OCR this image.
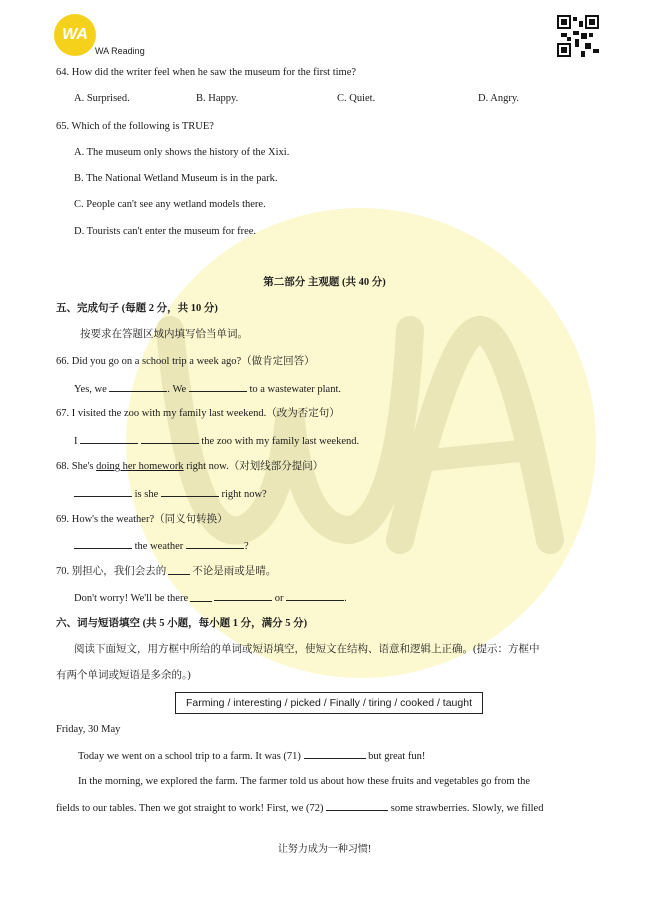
WA
WA Reading
64. How did the writer feel when he saw the museum for the first time?
A. Surprised.	B. Happy.	C. Quiet.	D. Angry.
65. Which of the following is TRUE?
A. The museum only shows the history of the Xixi.
B. The National Wetland Museum is in the park.
C. People can't see any wetland models there.
D. Tourists can't enter the museum for free.
第二部分 主观题 (共 40 分)
五、完成句子 (每题 2 分，共 10 分)
按要求在答题区域内填写恰当单词。
66. Did you go on a school trip a week ago?（做肯定回答）
Yes, we	. We	to a wastewater plant.
67. I visited the zoo with my family last weekend.（改为否定句）
I	the zoo with my family last weekend.
68. She's doing her homework right now.（对划线部分提问）
is she	right now?
69. How's the weather?（同义句转换）
the weather	?
70. 别担心，我们会去的 不论是雨或是晴。
Don't worry! We'll be there	or	.
六、词与短语填空 (共 5 小题，每小题 1 分，满分 5 分)
阅读下面短文，用方框中所给的单词或短语填空，使短文在结构、语意和逻辑上正确。(提示：方框中
有两个单词或短语是多余的。)
Farming / interesting / picked / Finally / tiring / cooked / taught
Friday, 30 May
Today we went on a school trip to a farm. It was (71)	but great fun!
In the morning, we explored the farm. The farmer told us about how these fruits and vegetables go from the
fields to our tables. Then we got straight to work! First, we (72)	some strawberries. Slowly, we filled
让努力成为一种习惯!
